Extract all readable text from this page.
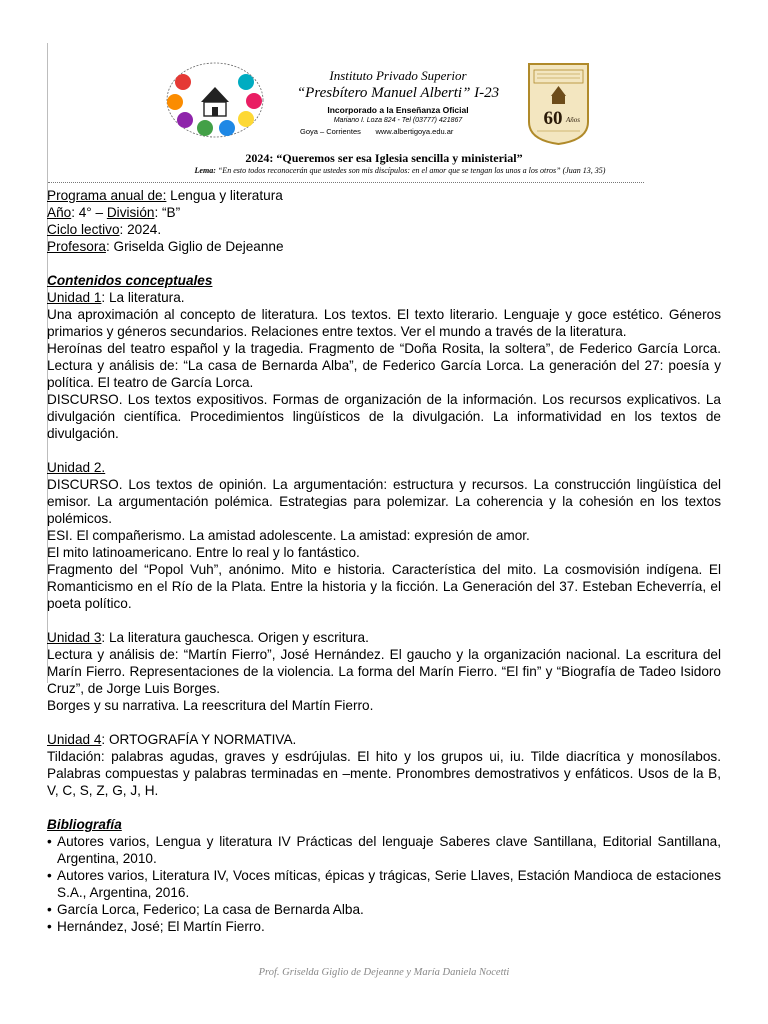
Instituto Privado Superior
“Presbítero Manuel Alberti” I-23
Incorporado a la Enseñanza Oficial
Mariano I. Loza 824 - Tel (03777) 421867
Goya – Corrientes www.albertigoya.edu.ar
60 Años
2024: “Queremos ser esa Iglesia sencilla y ministerial”
Lema: “En esto todos reconocerán que ustedes son mis discípulos: en el amor que se tengan los unos a los otros” (Juan 13, 35)

Programa anual de: Lengua y literatura

Año: 4° – División: “B”

Ciclo lectivo: 2024.

Profesora: Griselda Giglio de Dejeanne

Contenidos conceptuales

Unidad 1: La literatura.

Una aproximación al concepto de literatura. Los textos. El texto literario. Lenguaje y goce estético. Géneros primarios y géneros secundarios. Relaciones entre textos. Ver el mundo a través de la literatura.

Heroínas del teatro español y la tragedia. Fragmento de “Doña Rosita, la soltera”, de Federico García Lorca. Lectura y análisis de: “La casa de Bernarda Alba”, de Federico García Lorca. La generación del 27: poesía y política. El teatro de García Lorca.

DISCURSO. Los textos expositivos. Formas de organización de la información. Los recursos explicativos. La divulgación científica. Procedimientos lingüísticos de la divulgación. La informatividad en los textos de divulgación.

Unidad 2.

DISCURSO. Los textos de opinión. La argumentación: estructura y recursos. La construcción lingüística del emisor. La argumentación polémica. Estrategias para polemizar. La coherencia y la cohesión en los textos polémicos.

ESI. El compañerismo. La amistad adolescente. La amistad: expresión de amor.

El mito latinoamericano. Entre lo real y lo fantástico.

Fragmento del “Popol Vuh”, anónimo. Mito e historia. Característica del mito. La cosmovisión indígena. El Romanticismo en el Río de la Plata. Entre la historia y la ficción. La Generación del 37. Esteban Echeverría, el poeta político.

Unidad 3: La literatura gauchesca. Origen y escritura.

Lectura y análisis de: “Martín Fierro”, José Hernández. El gaucho y la organización nacional. La escritura del Marín Fierro. Representaciones de la violencia. La forma del Marín Fierro. “El fin” y “Biografía de Tadeo Isidoro Cruz”, de Jorge Luis Borges.

Borges y su narrativa. La reescritura del Martín Fierro.

Unidad 4: ORTOGRAFÍA Y NORMATIVA.

Tildación: palabras agudas, graves y esdrújulas. El hito y los grupos ui, iu. Tilde diacrítica y monosílabos. Palabras compuestas y palabras terminadas en –mente. Pronombres demostrativos y enfáticos. Usos de la B, V, C, S, Z, G, J, H.

Bibliografía

• Autores varios, Lengua y literatura IV Prácticas del lenguaje Saberes clave Santillana, Editorial Santillana, Argentina, 2010.
• Autores varios, Literatura IV, Voces míticas, épicas y trágicas, Serie Llaves, Estación Mandioca de estaciones S.A., Argentina, 2016.
• García Lorca, Federico; La casa de Bernarda Alba.
• Hernández, José; El Martín Fierro.
Prof. Griselda Giglio de Dejeanne y María Daniela Nocetti
